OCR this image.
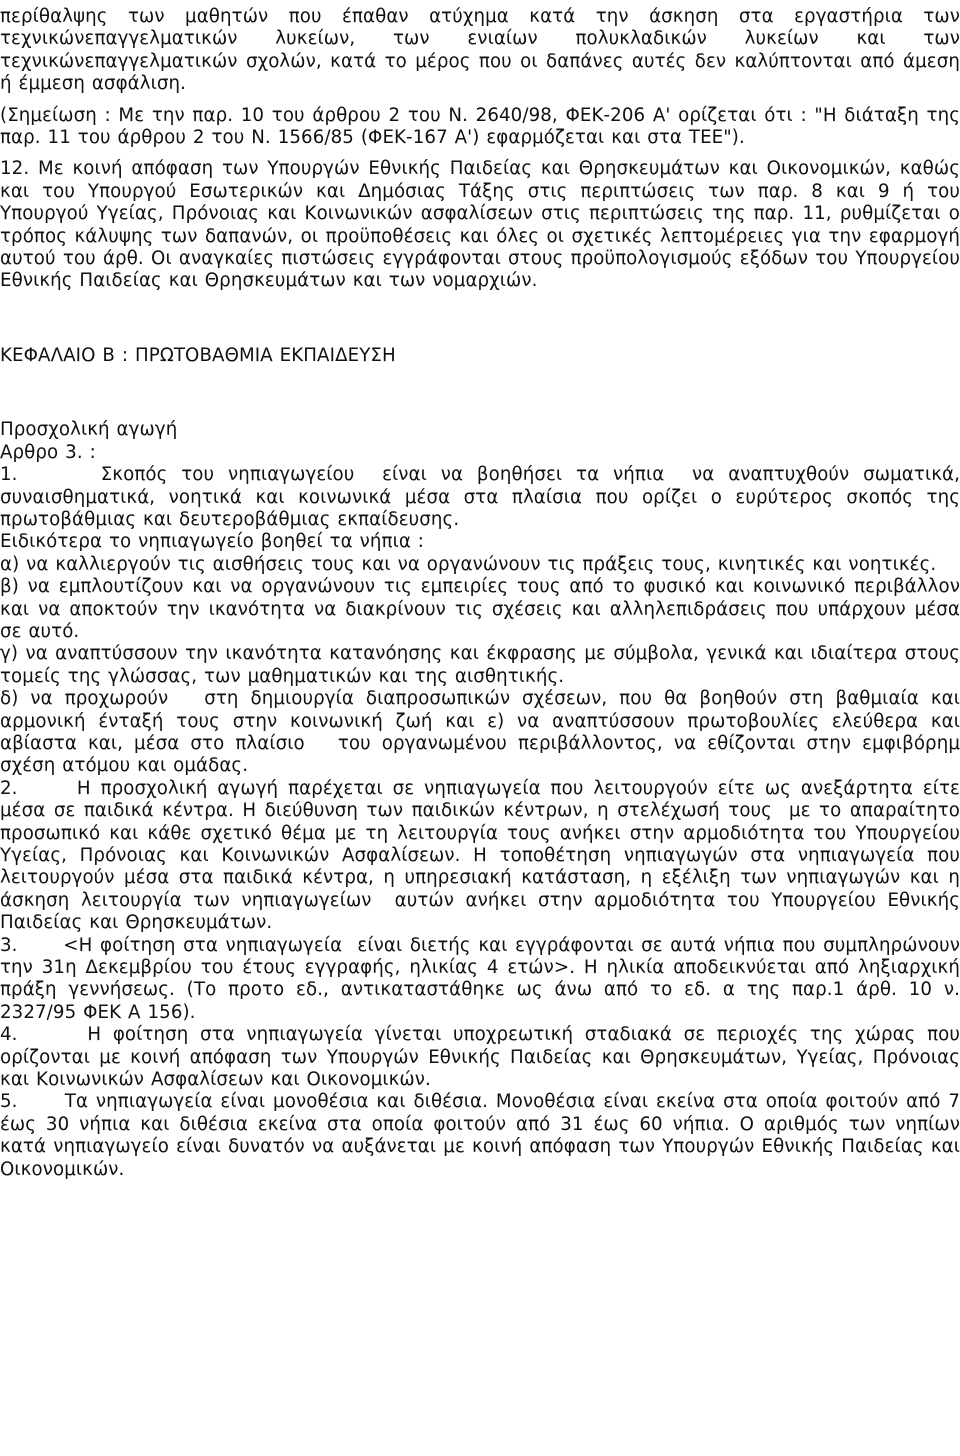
περίθαλψης των μαθητών που έπαθαν ατύχημα κατά την άσκηση στα εργαστήρια των τεχνικώνεπαγγελματικών λυκείων, των ενιαίων πολυκλαδικών λυκείων και των τεχνικώνεπαγγελματικών σχολών, κατά το μέρος που οι δαπάνες αυτές δεν καλύπτονται από άμεση ή έμμεση ασφάλιση.

(Σημείωση : Με την παρ. 10 του άρθρου 2 του Ν. 2640/98, ΦΕΚ-206 Α' ορίζεται ότι : "Η διάταξη της παρ. 11 του άρθρου 2 του Ν. 1566/85 (ΦΕΚ-167 Α') εφαρμόζεται και στα ΤΕΕ").

12. Με κοινή απόφαση των Υπουργών Εθνικής Παιδείας και Θρησκευμάτων και Οικονομικών, καθώς και του Υπουργού Εσωτερικών και Δημόσιας Τάξης στις περιπτώσεις των παρ. 8 και 9 ή του Υπουργού Υγείας, Πρόνοιας και Κοινωνικών ασφαλίσεων στις περιπτώσεις της παρ. 11, ρυθμίζεται ο τρόπος κάλυψης των δαπανών, οι προϋποθέσεις και όλες οι σχετικές λεπτομέρειες για την εφαρμογή αυτού του άρθ. Οι αναγκαίες πιστώσεις εγγράφονται στους προϋπολογισμούς εξόδων του Υπουργείου Εθνικής Παιδείας και Θρησκευμάτων και των νομαρχιών.

ΚΕΦΑΛΑΙΟ Β : ΠΡΩΤΟΒΑΘΜΙΑ ΕΚΠΑΙΔΕΥΣΗ

Προσχολική αγωγή

Αρθρο 3. :

1.      Σκοπός του νηπιαγωγείου  είναι να βοηθήσει τα νήπια  να αναπτυχθούν σωματικά, συναισθηματικά, νοητικά και κοινωνικά μέσα στα πλαίσια που ορίζει ο ευρύτερος σκοπός της πρωτοβάθμιας και δευτεροβάθμιας εκπαίδευσης.

Ειδικότερα το νηπιαγωγείο βοηθεί τα νήπια :

α) να καλλιεργούν τις αισθήσεις τους και να οργανώνουν τις πράξεις τους, κινητικές και νοητικές.

β) να εμπλουτίζουν και να οργανώνουν τις εμπειρίες τους από το φυσικό και κοινωνικό περιβάλλον και να αποκτούν την ικανότητα να διακρίνουν τις σχέσεις και αλληλεπιδράσεις που υπάρχουν μέσα σε αυτό.

γ) να αναπτύσσουν την ικανότητα κατανόησης και έκφρασης με σύμβολα, γενικά και ιδιαίτερα στους τομείς της γλώσσας, των μαθηματικών και της αισθητικής.

δ) να προχωρούν   στη δημιουργία διαπροσωπικών σχέσεων, που θα βοηθούν στη βαθμιαία και αρμονική ένταξή τους στην κοινωνική ζωή και ε) να αναπτύσσουν πρωτοβουλίες ελεύθερα και αβίαστα και, μέσα στο πλαίσιο   του οργανωμένου περιβάλλοντος, να εθίζονται στην εμφιβόρημ σχέση ατόμου και ομάδας.

2.      Η προσχολική αγωγή παρέχεται σε νηπιαγωγεία που λειτουργούν είτε ως ανεξάρτητα είτε μέσα σε παιδικά κέντρα. Η διεύθυνση των παιδικών κέντρων, η στελέχωσή τους  με το απαραίτητο προσωπικό και κάθε σχετικό θέμα με τη λειτουργία τους ανήκει στην αρμοδιότητα του Υπουργείου Υγείας, Πρόνοιας και Κοινωνικών Ασφαλίσεων. Η τοποθέτηση νηπιαγωγών στα νηπιαγωγεία που λειτουργούν μέσα στα παιδικά κέντρα, η υπηρεσιακή κατάσταση, η εξέλιξη των νηπιαγωγών και η άσκηση λειτουργία των νηπιαγωγείων  αυτών ανήκει στην αρμοδιότητα του Υπουργείου Εθνικής Παιδείας και Θρησκευμάτων.

3.      <Η φοίτηση στα νηπιαγωγεία  είναι διετής και εγγράφονται σε αυτά νήπια που συμπληρώνουν την 31η Δεκεμβρίου του έτους εγγραφής, ηλικίας 4 ετών>. Η ηλικία αποδεικνύεται από ληξιαρχική πράξη γεννήσεως. (Το προτο εδ., αντικαταστάθηκε ως άνω από το εδ. α της παρ.1 άρθ. 10 ν. 2327/95 ΦΕΚ Α 156).

4.      Η φοίτηση στα νηπιαγωγεία γίνεται υποχρεωτική σταδιακά σε περιοχές της χώρας που ορίζονται με κοινή απόφαση των Υπουργών Εθνικής Παιδείας και Θρησκευμάτων, Υγείας, Πρόνοιας και Κοινωνικών Ασφαλίσεων και Οικονομικών.

5.      Τα νηπιαγωγεία είναι μονοθέσια και διθέσια. Μονοθέσια είναι εκείνα στα οποία φοιτούν από 7 έως 30 νήπια και διθέσια εκείνα στα οποία φοιτούν από 31 έως 60 νήπια. Ο αριθμός των νηπίων κατά νηπιαγωγείο είναι δυνατόν να αυξάνεται με κοινή απόφαση των Υπουργών Εθνικής Παιδείας και Οικονομικών.
